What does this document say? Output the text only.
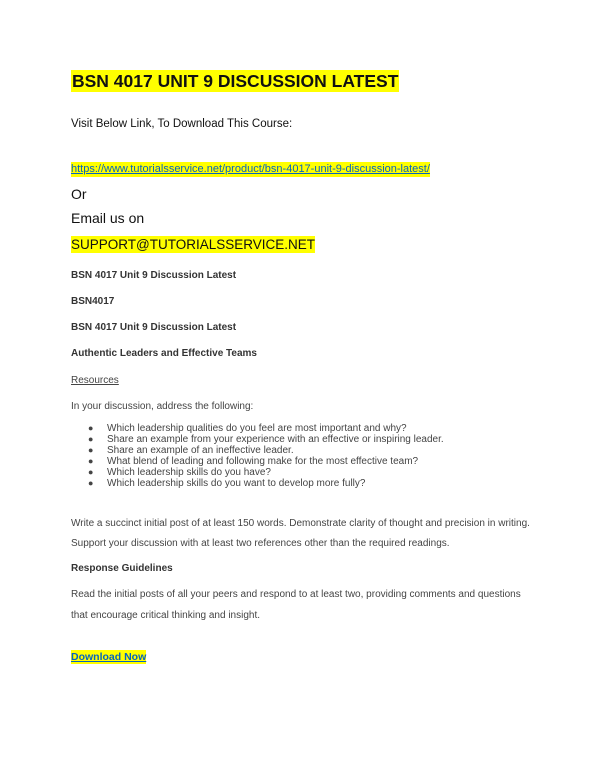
BSN 4017 UNIT 9 DISCUSSION LATEST
Visit Below Link, To Download This Course:
https://www.tutorialsservice.net/product/bsn-4017-unit-9-discussion-latest/
Or
Email us on
SUPPORT@TUTORIALSSERVICE.NET
BSN 4017 Unit 9 Discussion Latest
BSN4017
BSN 4017 Unit 9 Discussion Latest
Authentic Leaders and Effective Teams
Resources
In your discussion, address the following:
● Which leadership qualities do you feel are most important and why?
● Share an example from your experience with an effective or inspiring leader.
● Share an example of an ineffective leader.
● What blend of leading and following make for the most effective team?
● Which leadership skills do you have?
● Which leadership skills do you want to develop more fully?
Write a succinct initial post of at least 150 words. Demonstrate clarity of thought and precision in writing.
Support your discussion with at least two references other than the required readings.
Response Guidelines
Read the initial posts of all your peers and respond to at least two, providing comments and questions
that encourage critical thinking and insight.
Download Now
